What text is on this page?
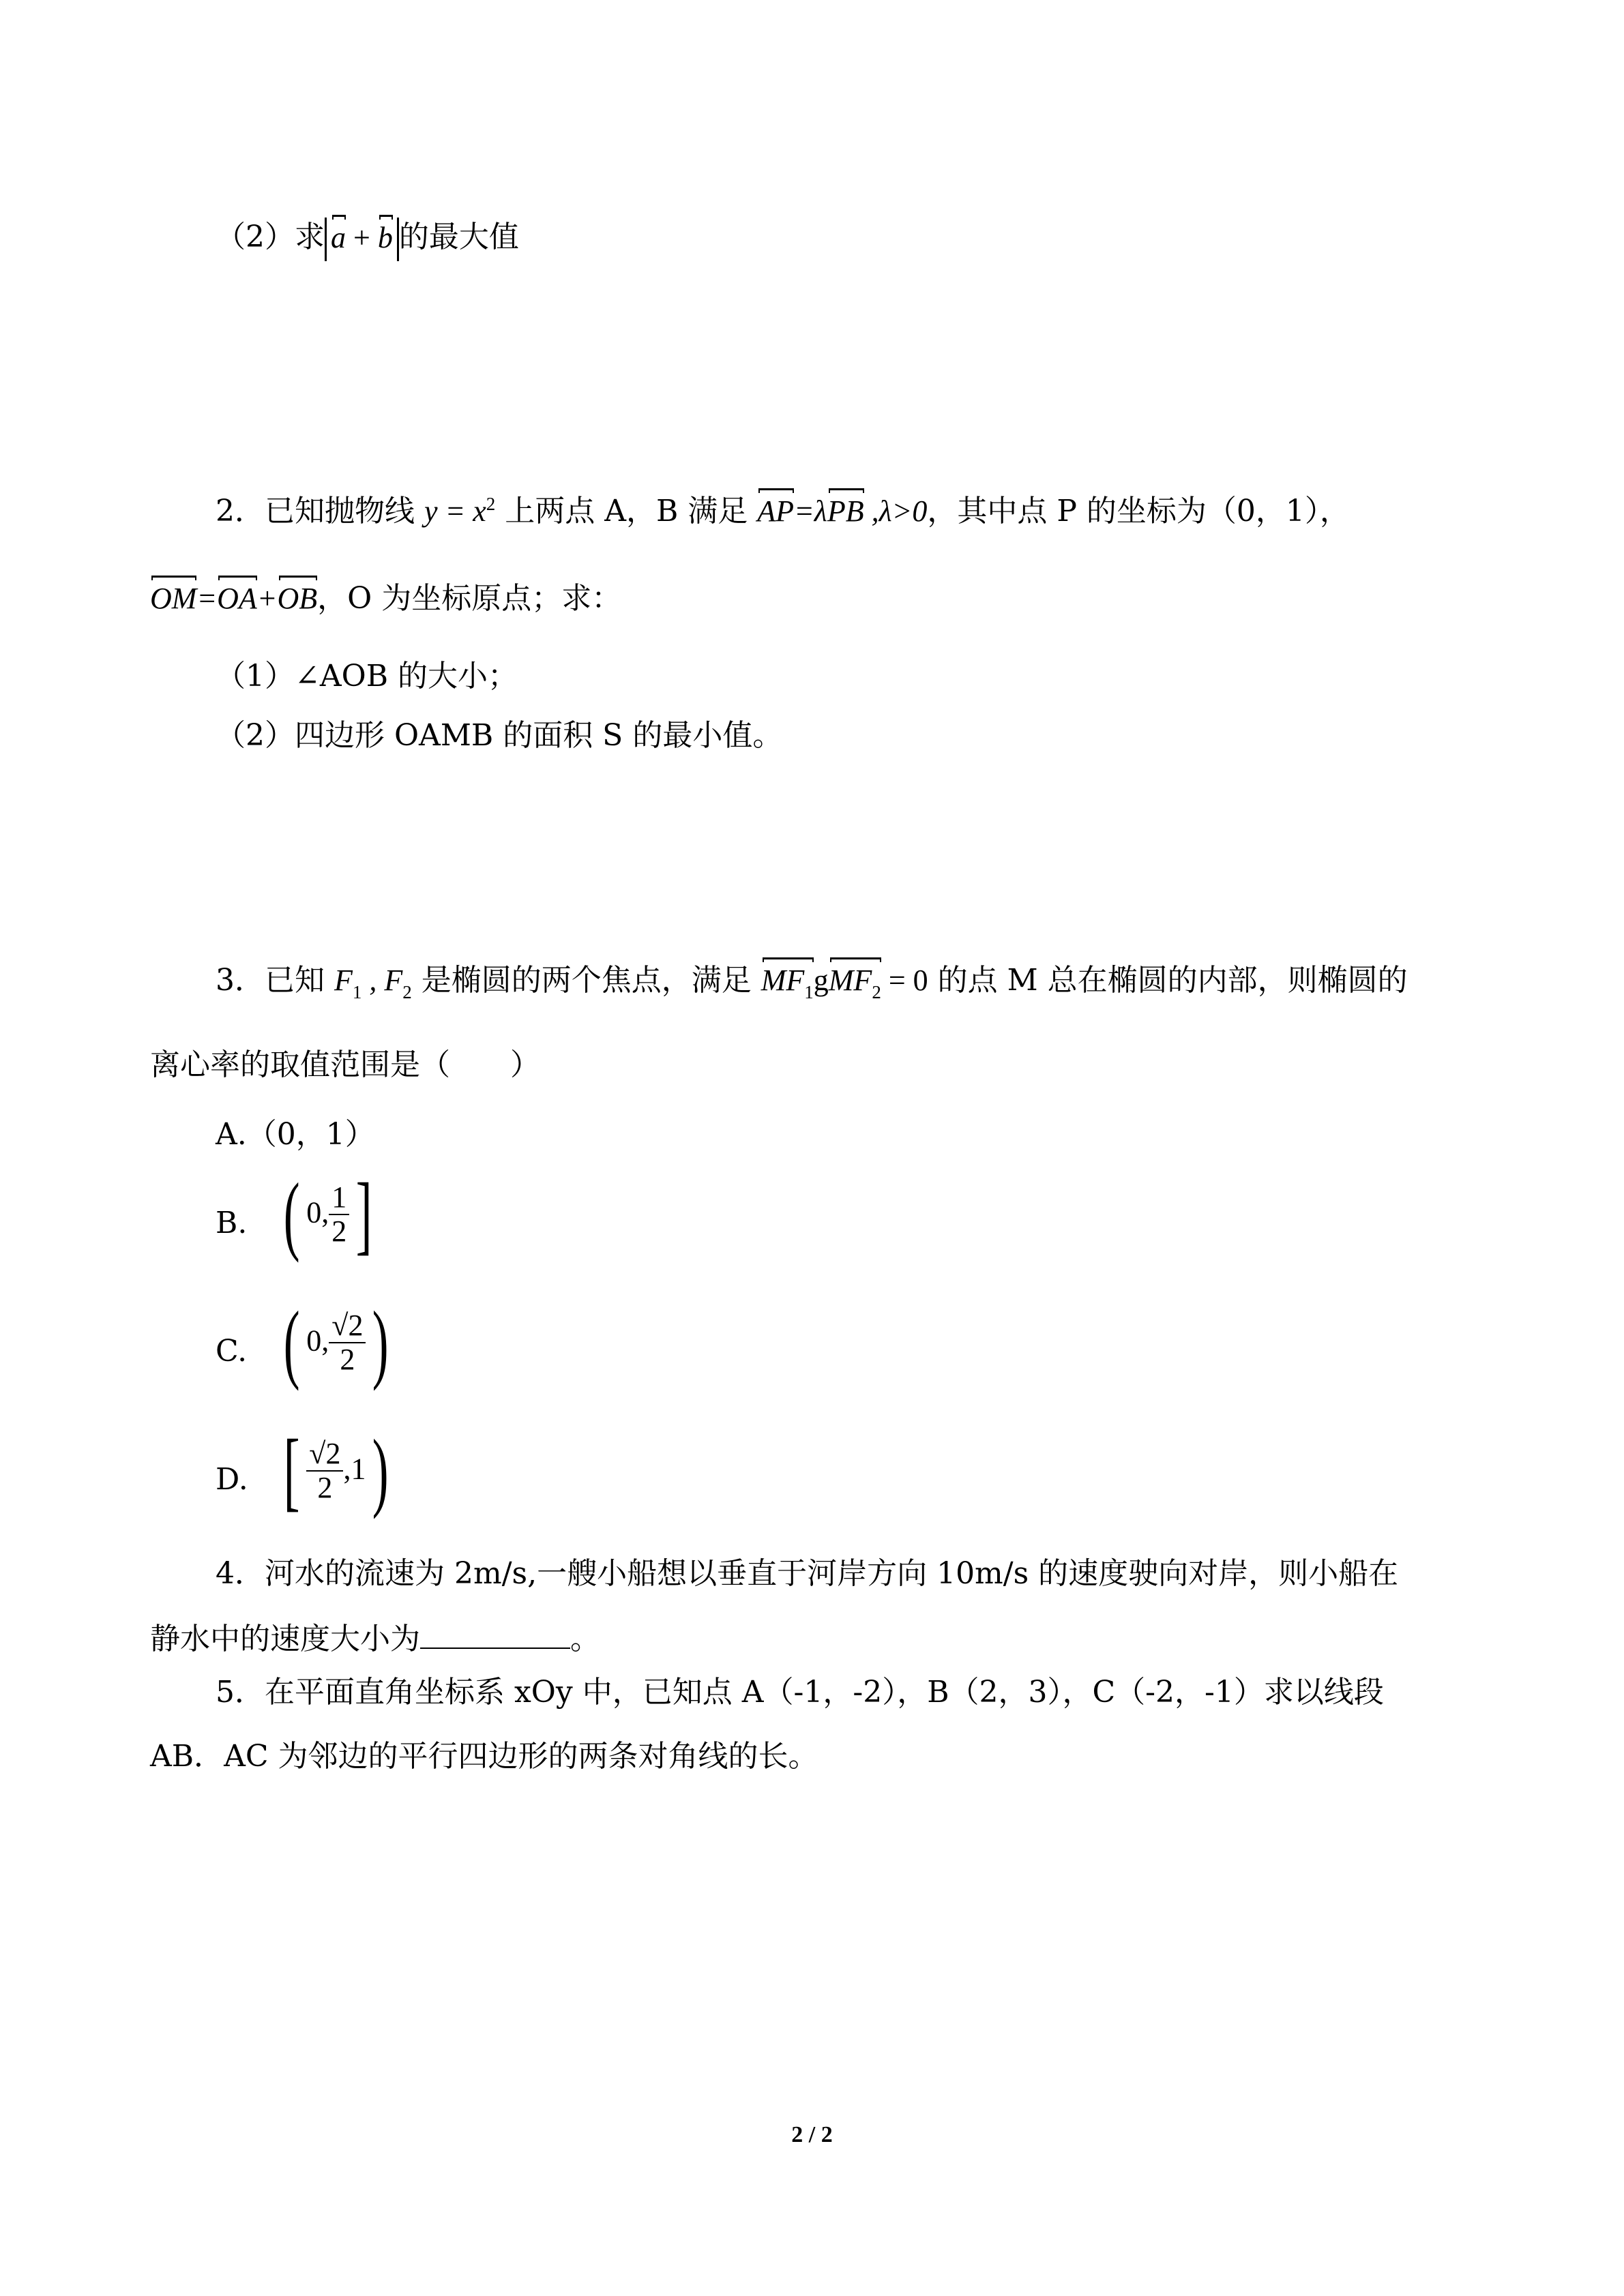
（2）求 a + b 的最大值
2．已知抛物线 $y = x^2$ 上两点 A，B 满足 AP=λPB ,λ>0，其中点 P 的坐标为（0，1），
OM=OA+OB，O 为坐标原点；求：
（1）∠AOB 的大小；
（2）四边形 OAMB 的面积 S 的最小值。
3．已知 $F_1$ , $F_2$ 是椭圆的两个焦点，满足 $MF_1gMF_2 = 0$ 的点 M 总在椭圆的内部，则椭圆的
离心率的取值范围是（　　）
A.（0，1）
B. ( 0, $\frac{1}{2}$ ]
C. ( 0, $\frac{√2}{2}$ )
D. [ $\frac{√2}{2} ,1$)
4．河水的流速为 2m/s,一艘小船想以垂直于河岸方向 10m/s 的速度驶向对岸，则小船在
静水中的速度大小为	。
5．在平面直角坐标系 xOy 中，已知点 A（-1，-2），B（2，3），C（-2，-1）求以线段
AB．AC 为邻边的平行四边形的两条对角线的长。
2 / 2
